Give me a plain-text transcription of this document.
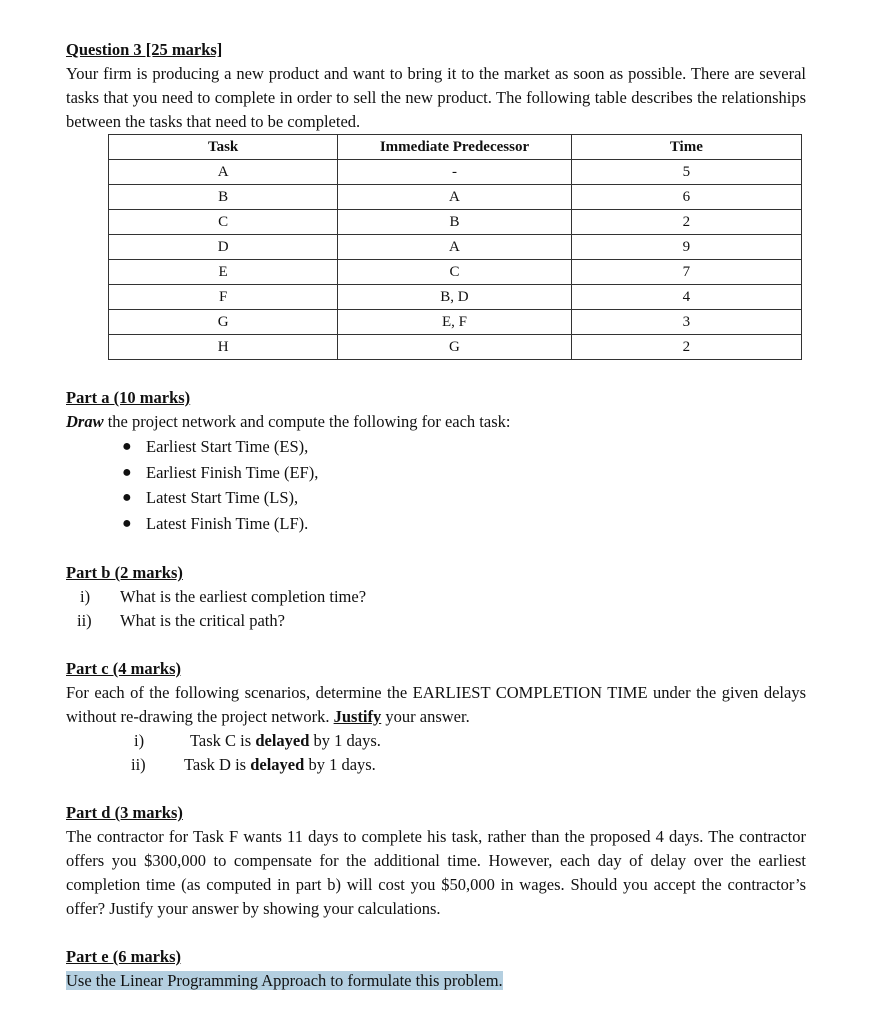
Question 3 [25 marks]

Your firm is producing a new product and want to bring it to the market as soon as possible. There are several tasks that you need to complete in order to sell the new product. The following table describes the relationships between the tasks that need to be completed.

Task	Immediate Predecessor	Time
A	-	5
B	A	6
C	B	2
D	A	9
E	C	7
F	B, D	4
G	E, F	3
H	G	2
Part a (10 marks)

Draw the project network and compute the following for each task:

● Earliest Start Time (ES),
● Earliest Finish Time (EF),
● Latest Start Time (LS),
● Latest Finish Time (LF).
Part b (2 marks)
i)	What is the earliest completion time?
ii)	What is the critical path?
Part c (4 marks)

For each of the following scenarios, determine the EARLIEST COMPLETION TIME under the given delays without re-drawing the project network. Justify your answer.

i)	Task C is delayed by 1 days.
ii)	Task D is delayed by 1 days.
Part d (3 marks)

The contractor for Task F wants 11 days to complete his task, rather than the proposed 4 days. The contractor offers you $300,000 to compensate for the additional time. However, each day of delay over the earliest completion time (as computed in part b) will cost you $50,000 in wages. Should you accept the contractor’s offer? Justify your answer by showing your calculations.

Part e (6 marks)

Use the Linear Programming Approach to formulate this problem.
